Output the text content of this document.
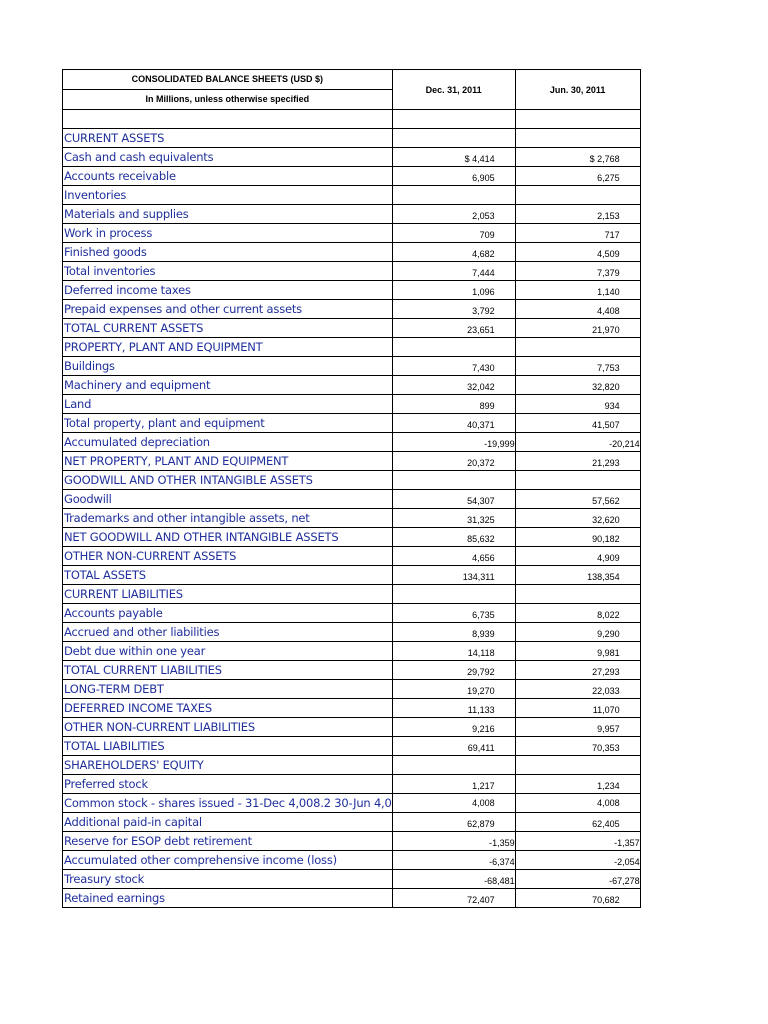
CONSOLIDATED BALANCE SHEETS (USD $)	Dec. 31, 2011	Jun. 30, 2011
In Millions, unless otherwise specified		

CURRENT ASSETS		
Cash and cash equivalents	$ 4,414	$ 2,768
Accounts receivable	6,905	6,275
Inventories		
Materials and supplies	2,053	2,153
Work in process	709	717
Finished goods	4,682	4,509
Total inventories	7,444	7,379
Deferred income taxes	1,096	1,140
Prepaid expenses and other current assets	3,792	4,408
TOTAL CURRENT ASSETS	23,651	21,970
PROPERTY, PLANT AND EQUIPMENT		
Buildings	7,430	7,753
Machinery and equipment	32,042	32,820
Land	899	934
Total property, plant and equipment	40,371	41,507
Accumulated depreciation	-19,999	-20,214
NET PROPERTY, PLANT AND EQUIPMENT	20,372	21,293
GOODWILL AND OTHER INTANGIBLE ASSETS		
Goodwill	54,307	57,562
Trademarks and other intangible assets, net	31,325	32,620
NET GOODWILL AND OTHER INTANGIBLE ASSETS	85,632	90,182
OTHER NON-CURRENT ASSETS	4,656	4,909
TOTAL ASSETS	134,311	138,354
CURRENT LIABILITIES		
Accounts payable	6,735	8,022
Accrued and other liabilities	8,939	9,290
Debt due within one year	14,118	9,981
TOTAL CURRENT LIABILITIES	29,792	27,293
LONG-TERM DEBT	19,270	22,033
DEFERRED INCOME TAXES	11,133	11,070
OTHER NON-CURRENT LIABILITIES	9,216	9,957
TOTAL LIABILITIES	69,411	70,353
SHAREHOLDERS' EQUITY		
Preferred stock	1,217	1,234
Common stock - shares issued - 31-Dec 4,008.2 30-Jun 4,0	4,008	4,008
Additional paid-in capital	62,879	62,405
Reserve for ESOP debt retirement	-1,359	-1,357
Accumulated other comprehensive income (loss)	-6,374	-2,054
Treasury stock	-68,481	-67,278
Retained earnings	72,407	70,682
